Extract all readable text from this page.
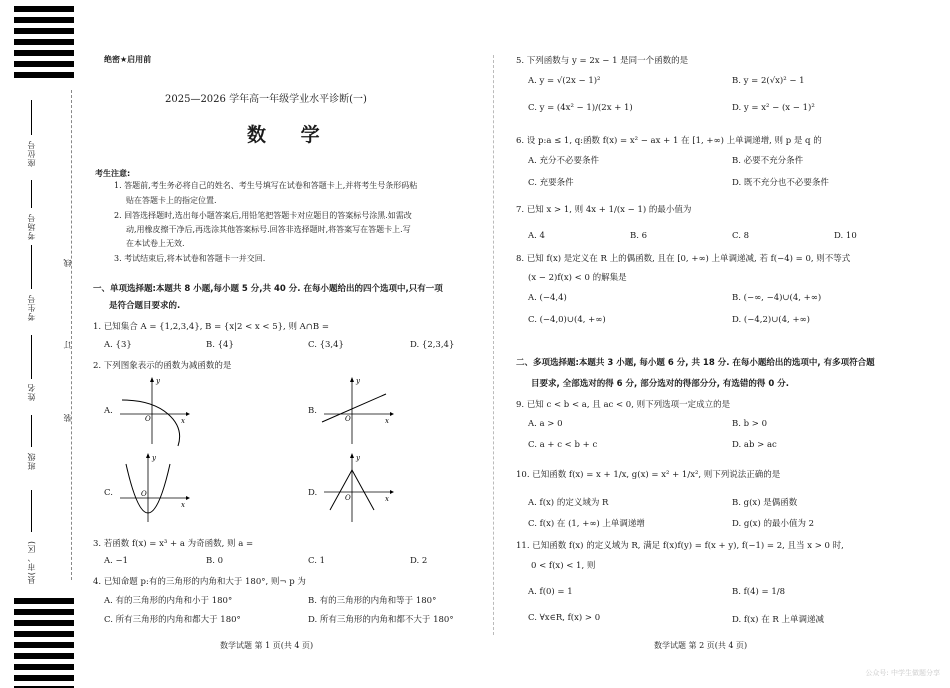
座位号
考场号
考生号
姓名
班级
县(市、区)
线
订
装
绝密★启用前
2025—2026 学年高一年级学业水平诊断(一)
数 学
考生注意:
1. 答题前,考生务必将自己的姓名、考生号填写在试卷和答题卡上,并将考生号条形码粘
贴在答题卡上的指定位置.
2. 回答选择题时,选出每小题答案后,用铅笔把答题卡对应题目的答案标号涂黑.如需改
动,用橡皮擦干净后,再选涂其他答案标号.回答非选择题时,将答案写在答题卡上.写
在本试卷上无效.
3. 考试结束后,将本试卷和答题卡一并交回.
一、单项选择题:本题共 8 小题,每小题 5 分,共 40 分. 在每小题给出的四个选项中,只有一项
是符合题目要求的.
1. 已知集合 A = {1,2,3,4}, B = {x|2 < x < 5}, 则 A∩B =
A. {3}	B. {4}	C. {3,4}	D. {2,3,4}
2. 下列图象表示的函数为减函数的是
A.
O	x
y
B.
O	x
y
C.	O
x
y
D.	O	x
y
3. 若函数 f(x) = x³ + a 为奇函数, 则 a =
A. −1	B. 0	C. 1	D. 2
4. 已知命题 p:有的三角形的内角和大于 180°, 则¬ p 为
A. 有的三角形的内角和小于 180°	B. 有的三角形的内角和等于 180°
C. 所有三角形的内角和都大于 180°	D. 所有三角形的内角和都不大于 180°
数学试题 第 1 页(共 4 页)
5. 下列函数与 y = 2x − 1 是同一个函数的是
A. y = √(2x − 1)²	B. y = 2(√x)² − 1
C. y = (4x² − 1)/(2x + 1)	D. y = x² − (x − 1)²
6. 设 p:a ≤ 1, q:函数 f(x) = x² − ax + 1 在 [1, +∞) 上单调递增, 则 p 是 q 的
A. 充分不必要条件	B. 必要不充分条件
C. 充要条件	D. 既不充分也不必要条件
7. 已知 x > 1, 则 4x + 1/(x − 1) 的最小值为
A. 4	B. 6	C. 8	D. 10
8. 已知 f(x) 是定义在 R 上的偶函数, 且在 [0, +∞) 上单调递减, 若 f(−4) = 0, 则不等式
(x − 2)f(x) < 0 的解集是
A. (−4,4)	B. (−∞, −4)∪(4, +∞)
C. (−4,0)∪(4, +∞)	D. (−4,2)∪(4, +∞)
二、多项选择题:本题共 3 小题, 每小题 6 分, 共 18 分. 在每小题给出的选项中, 有多项符合题
目要求, 全部选对的得 6 分, 部分选对的得部分分, 有选错的得 0 分.
9. 已知 c < b < a, 且 ac < 0, 则下列选项一定成立的是
A. a > 0	B. b > 0
C. a + c < b + c	D. ab > ac
10. 已知函数 f(x) = x + 1/x, g(x) = x² + 1/x², 则下列说法正确的是
A. f(x) 的定义域为 R	B. g(x) 是偶函数
C. f(x) 在 (1, +∞) 上单调递增	D. g(x) 的最小值为 2
11. 已知函数 f(x) 的定义域为 R, 满足 f(x)f(y) = f(x + y), f(−1) = 2, 且当 x > 0 时,
0 < f(x) < 1, 则
A. f(0) = 1	B. f(4) = 1/8
C. ∀x∈R, f(x) > 0	D. f(x) 在 R 上单调递减
数学试题 第 2 页(共 4 页)
公众号: 中学生做题分享
